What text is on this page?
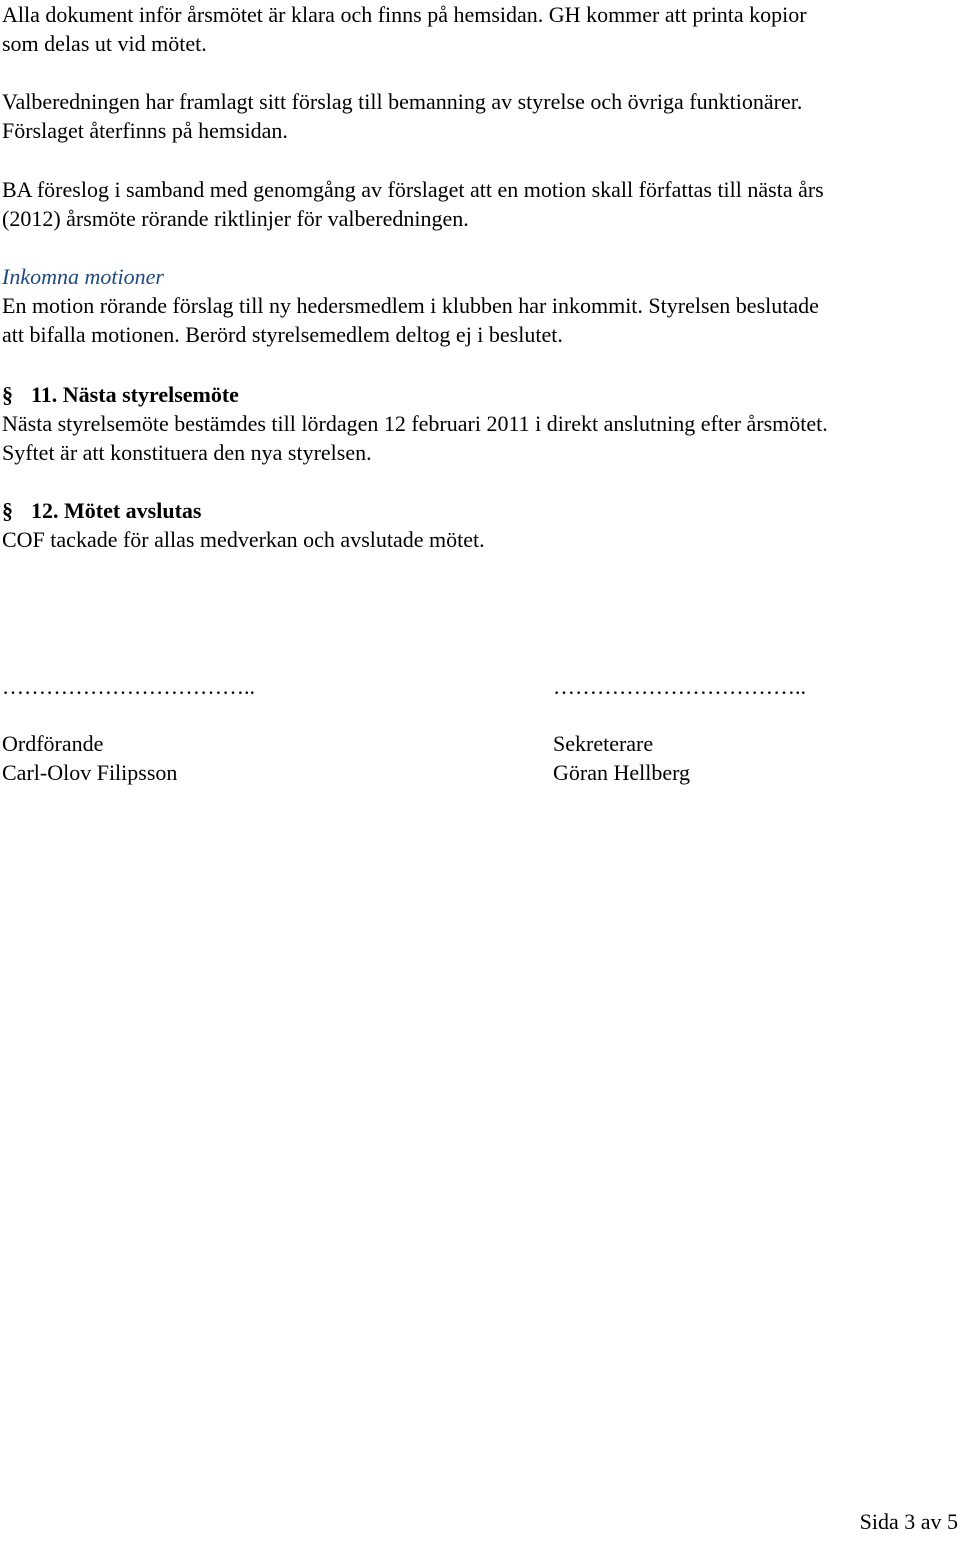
Alla dokument inför årsmötet är klara och finns på hemsidan. GH kommer att printa kopior
som delas ut vid mötet.

Valberedningen har framlagt sitt förslag till bemanning av styrelse och övriga funktionärer.
Förslaget återfinns på hemsidan.

BA föreslog i samband med genomgång av förslaget att en motion skall författas till nästa års
(2012) årsmöte rörande riktlinjer för valberedningen.

Inkomna motioner
En motion rörande förslag till ny hedersmedlem i klubben har inkommit. Styrelsen beslutade
att bifalla motionen. Berörd styrelsemedlem deltog ej i beslutet.

§ 11. Nästa styrelsemöte
Nästa styrelsemöte bestämdes till lördagen 12 februari 2011 i direkt anslutning efter årsmötet.
Syftet är att konstituera den nya styrelsen.

§ 12. Mötet avslutas
COF tackade för allas medverkan och avslutade mötet.

……………………………..
Ordförande
Carl-Olov Filipsson
……………………………..
Sekreterare
Göran Hellberg
Sida 3 av 5
